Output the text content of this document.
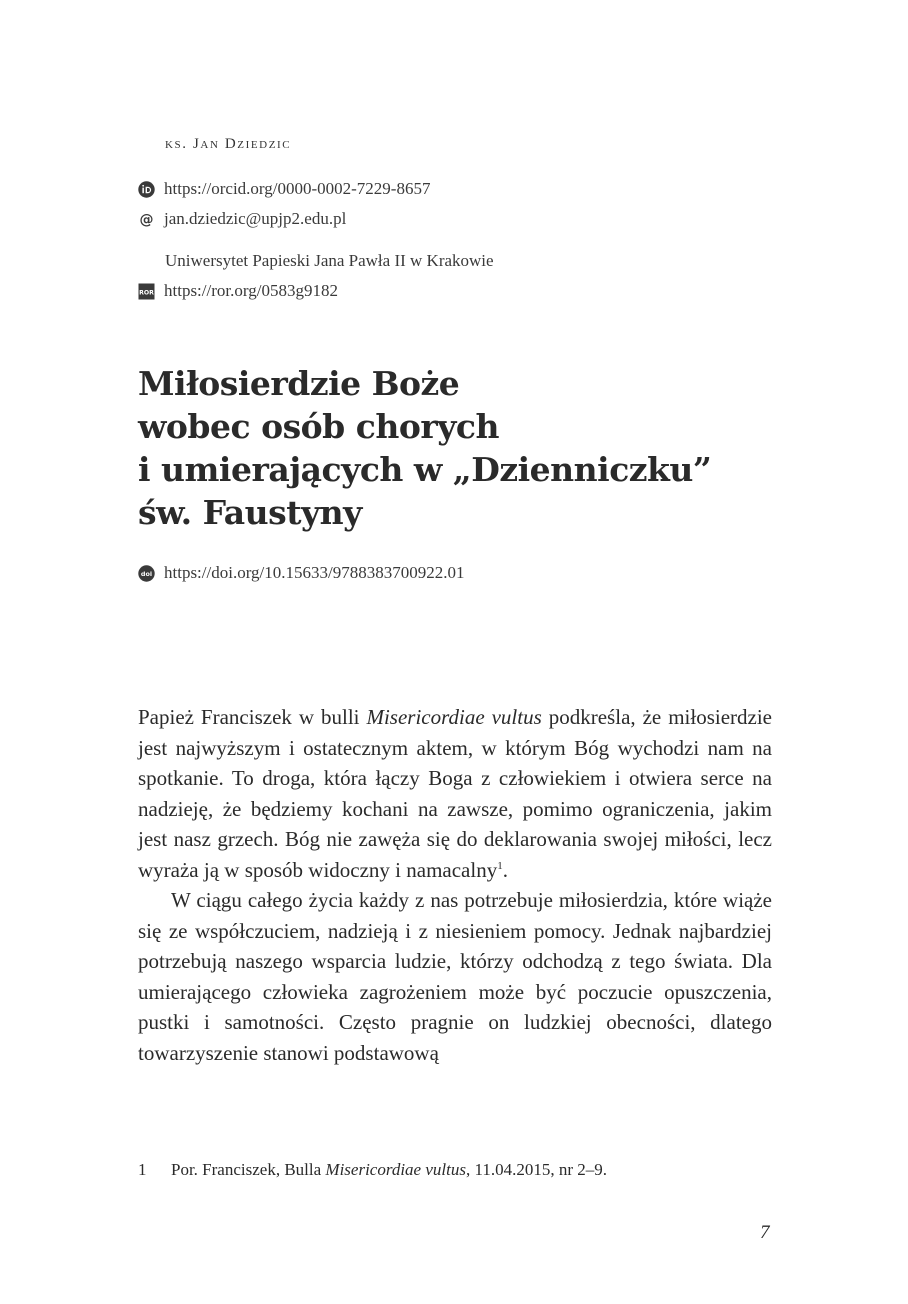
ks. Jan Dziedzic
https://orcid.org/0000-0002-7229-8657
@ jan.dziedzic@upjp2.edu.pl
Uniwersytet Papieski Jana Pawła II w Krakowie
ROR https://ror.org/0583g9182
Miłosierdzie Boże
wobec osób chorych
i umierających w „Dzienniczku”
św. Faustyny
doi https://doi.org/10.15633/9788383700922.01

Papież Franciszek w bulli Misericordiae vultus podkreśla, że miłosierdzie jest najwyższym i ostatecznym aktem, w którym Bóg wychodzi nam na spotkanie. To droga, która łączy Boga z człowiekiem i otwiera serce na nadzieję, że będziemy kochani na zawsze, pomimo ograniczenia, jakim jest nasz grzech. Bóg nie zawęża się do deklarowania swojej miłości, lecz wyraża ją w sposób widoczny i namacalny$^1$.

W ciągu całego życia każdy z nas potrzebuje miłosierdzia, które wiąże się ze współczuciem, nadzieją i z niesieniem pomocy. Jednak najbardziej potrzebują naszego wsparcia ludzie, którzy odchodzą z tego świata. Dla umierającego człowieka zagrożeniem może być poczucie opuszczenia, pustki i samotności. Często pragnie on ludzkiej obecności, dlatego towarzyszenie stanowi podstawową

1	Por. Franciszek, Bulla Misericordiae vultus, 11.04.2015, nr 2–9.
7
